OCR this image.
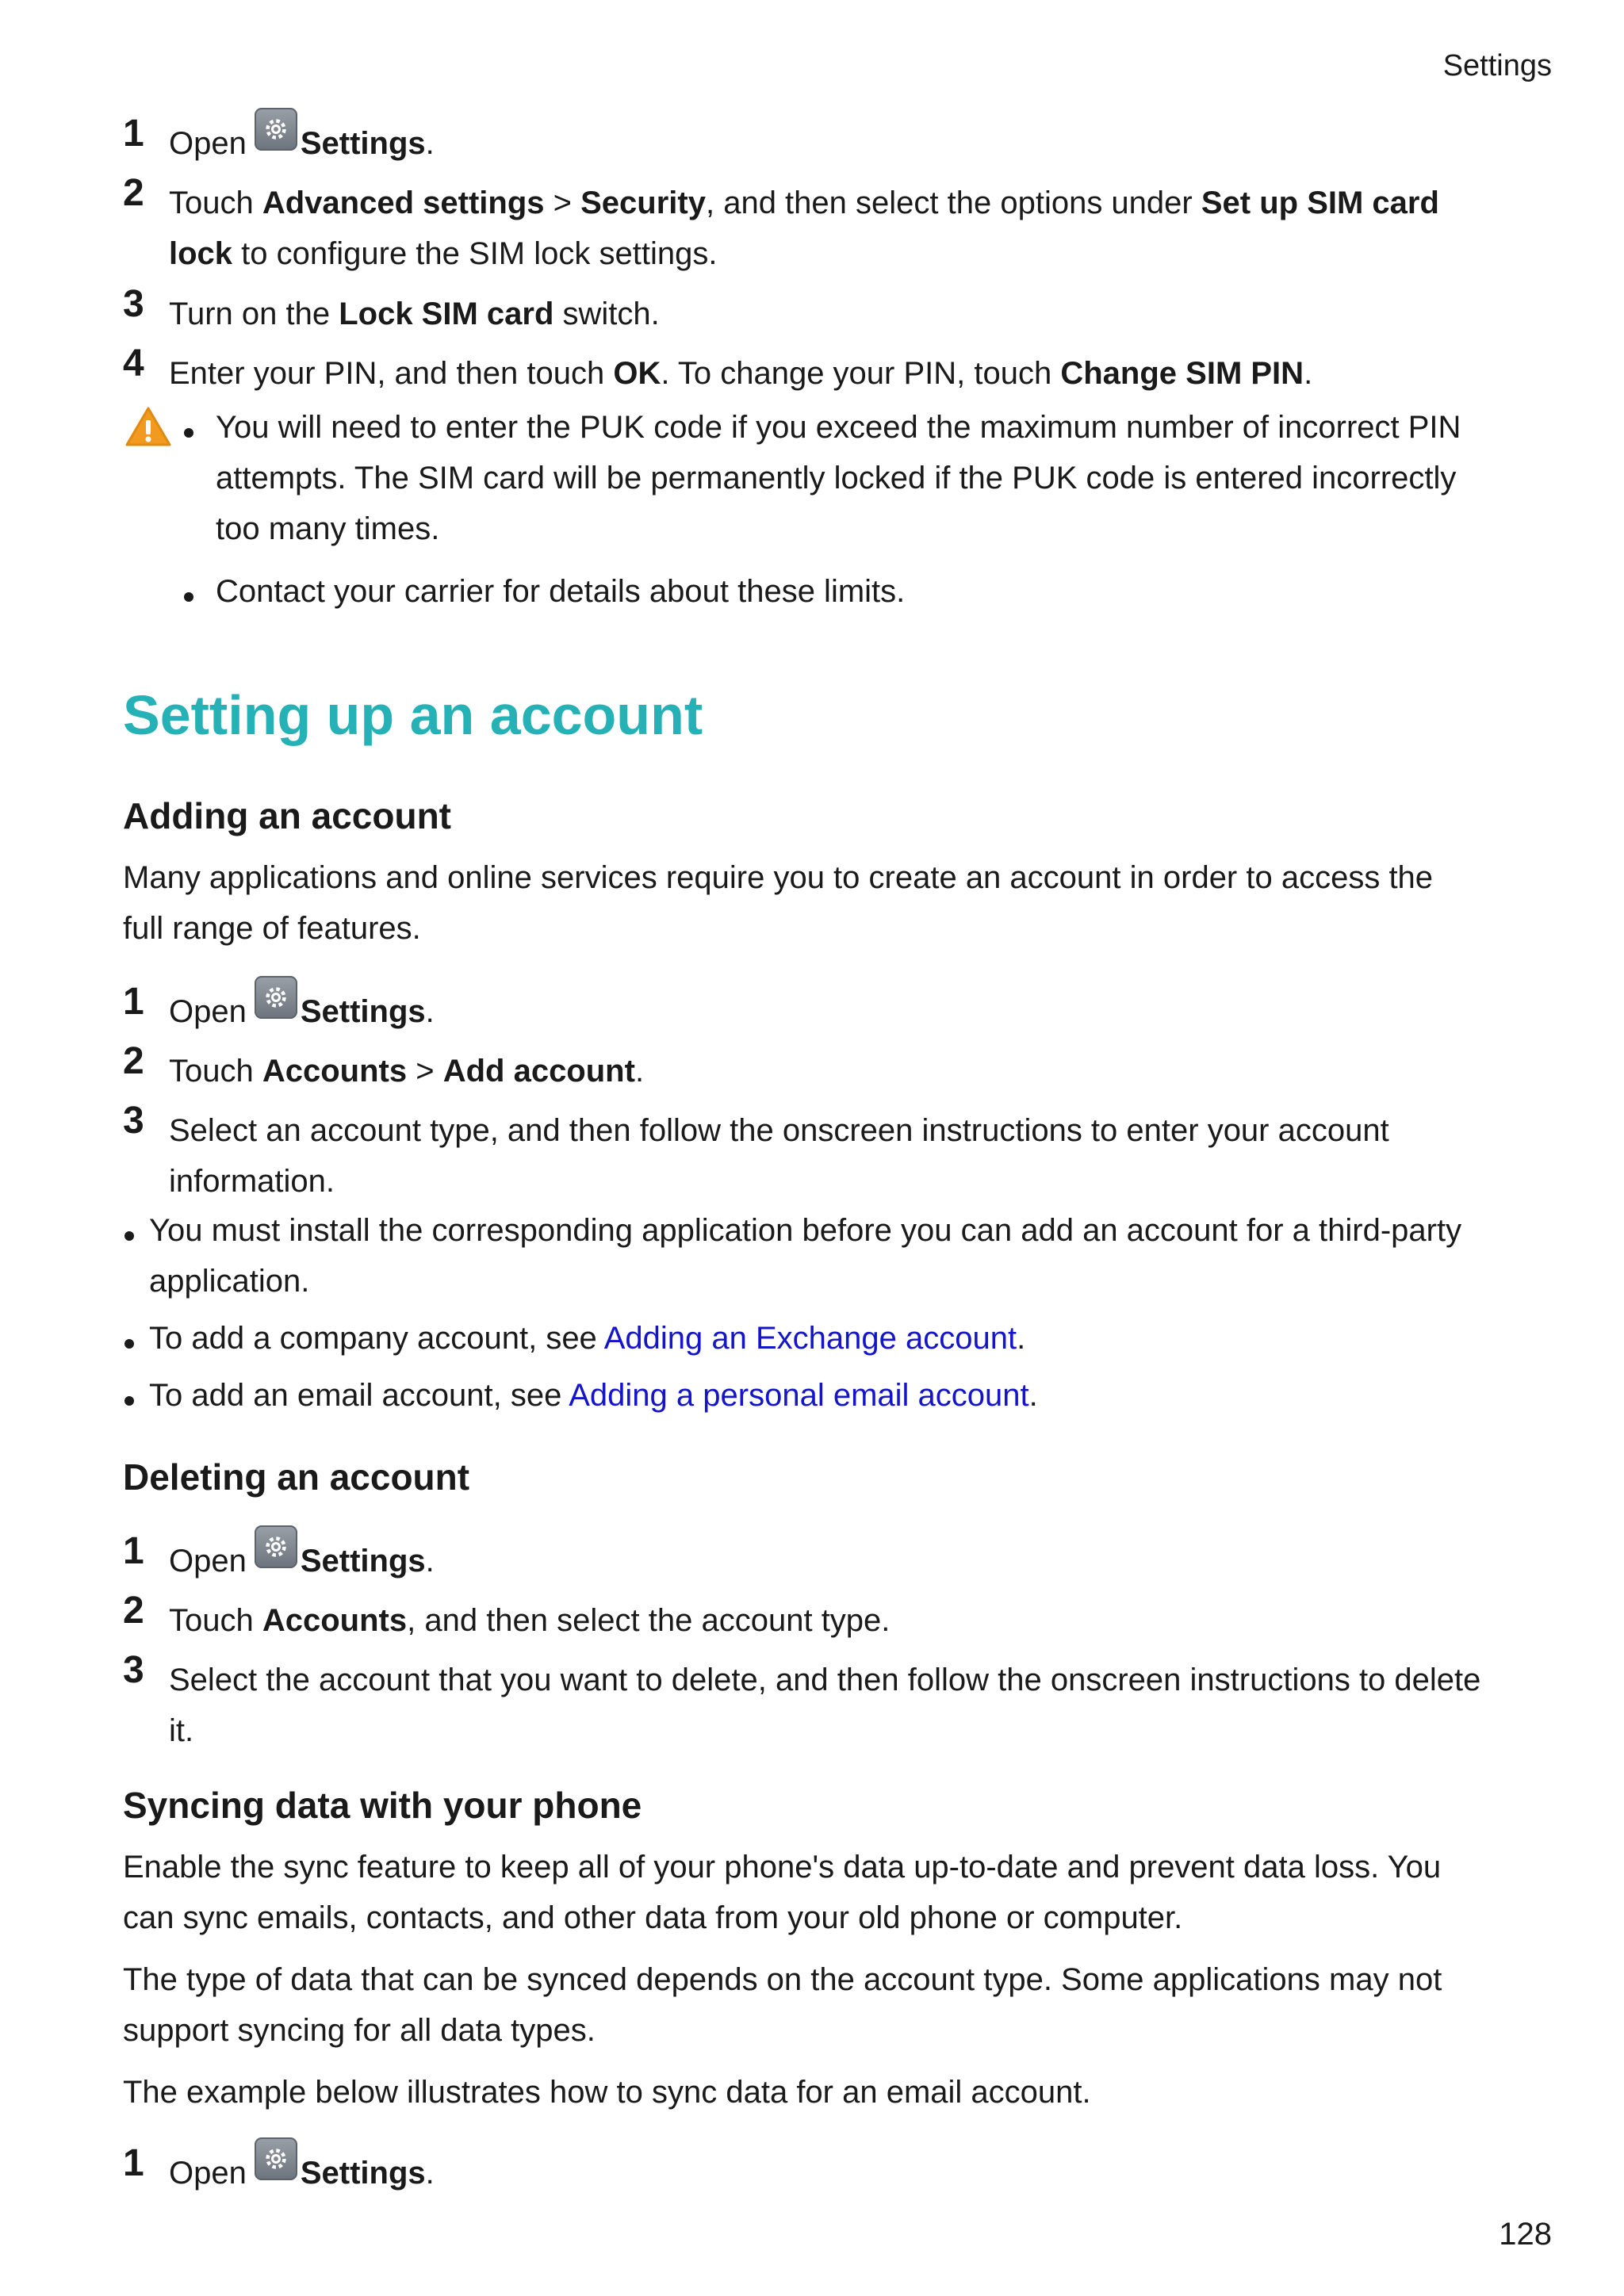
Settings
1 Open Settings.
2 Touch Advanced settings > Security, and then select the options under Set up SIM card
lock to configure the SIM lock settings.
3 Turn on the Lock SIM card switch.
4 Enter your PIN, and then touch OK. To change your PIN, touch Change SIM PIN.
You will need to enter the PUK code if you exceed the maximum number of incorrect PIN
attempts. The SIM card will be permanently locked if the PUK code is entered incorrectly
too many times.
Contact your carrier for details about these limits.
Setting up an account
Adding an account
Many applications and online services require you to create an account in order to access the
full range of features.
1 Open Settings.
2 Touch Accounts > Add account.
3 Select an account type, and then follow the onscreen instructions to enter your account
information.
You must install the corresponding application before you can add an account for a third-party
application.
To add a company account, see Adding an Exchange account.
To add an email account, see Adding a personal email account.
Deleting an account
1 Open Settings.
2 Touch Accounts, and then select the account type.
3 Select the account that you want to delete, and then follow the onscreen instructions to delete
it.
Syncing data with your phone
Enable the sync feature to keep all of your phone's data up-to-date and prevent data loss. You
can sync emails, contacts, and other data from your old phone or computer.
The type of data that can be synced depends on the account type. Some applications may not
support syncing for all data types.
The example below illustrates how to sync data for an email account.
1 Open Settings.
128
